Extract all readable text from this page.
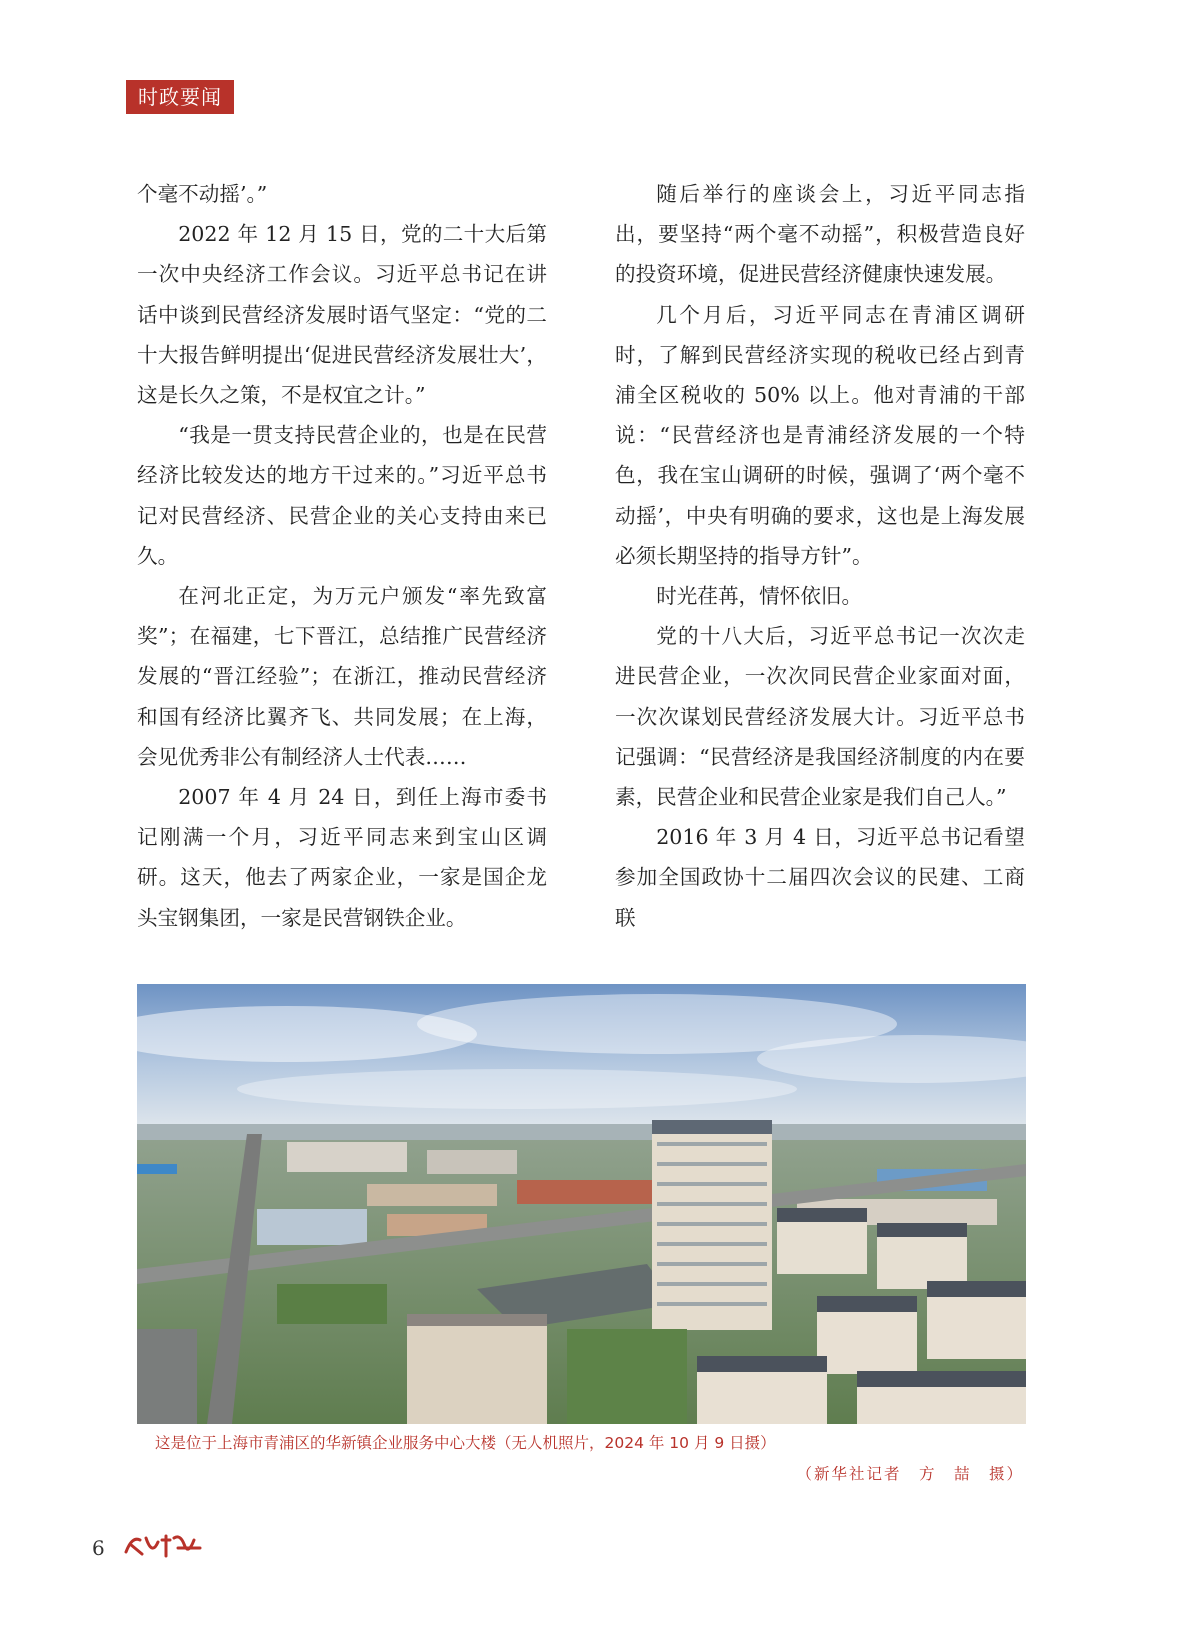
时政要闻

个毫不动摇’。”

2022 年 12 月 15 日，党的二十大后第一次中央经济工作会议。习近平总书记在讲话中谈到民营经济发展时语气坚定：“党的二十大报告鲜明提出‘促进民营经济发展壮大’，这是长久之策，不是权宜之计。”

“我是一贯支持民营企业的，也是在民营经济比较发达的地方干过来的。”习近平总书记对民营经济、民营企业的关心支持由来已久。

在河北正定，为万元户颁发“率先致富奖”；在福建，七下晋江，总结推广民营经济发展的“晋江经验”；在浙江，推动民营经济和国有经济比翼齐飞、共同发展；在上海，会见优秀非公有制经济人士代表……

2007 年 4 月 24 日，到任上海市委书记刚满一个月，习近平同志来到宝山区调研。这天，他去了两家企业，一家是国企龙头宝钢集团，一家是民营钢铁企业。

随后举行的座谈会上，习近平同志指出，要坚持“两个毫不动摇”，积极营造良好的投资环境，促进民营经济健康快速发展。

几个月后，习近平同志在青浦区调研时，了解到民营经济实现的税收已经占到青浦全区税收的 50% 以上。他对青浦的干部说：“民营经济也是青浦经济发展的一个特色，我在宝山调研的时候，强调了‘两个毫不动摇’，中央有明确的要求，这也是上海发展必须长期坚持的指导方针”。

时光荏苒，情怀依旧。

党的十八大后，习近平总书记一次次走进民营企业，一次次同民营企业家面对面，一次次谋划民营经济发展大计。习近平总书记强调：“民营经济是我国经济制度的内在要素，民营企业和民营企业家是我们自己人。”

2016 年 3 月 4 日，习近平总书记看望参加全国政协十二届四次会议的民建、工商联

这是位于上海市青浦区的华新镇企业服务中心大楼（无人机照片，2024 年 10 月 9 日摄）
（新华社记者　方　喆　摄）
6
